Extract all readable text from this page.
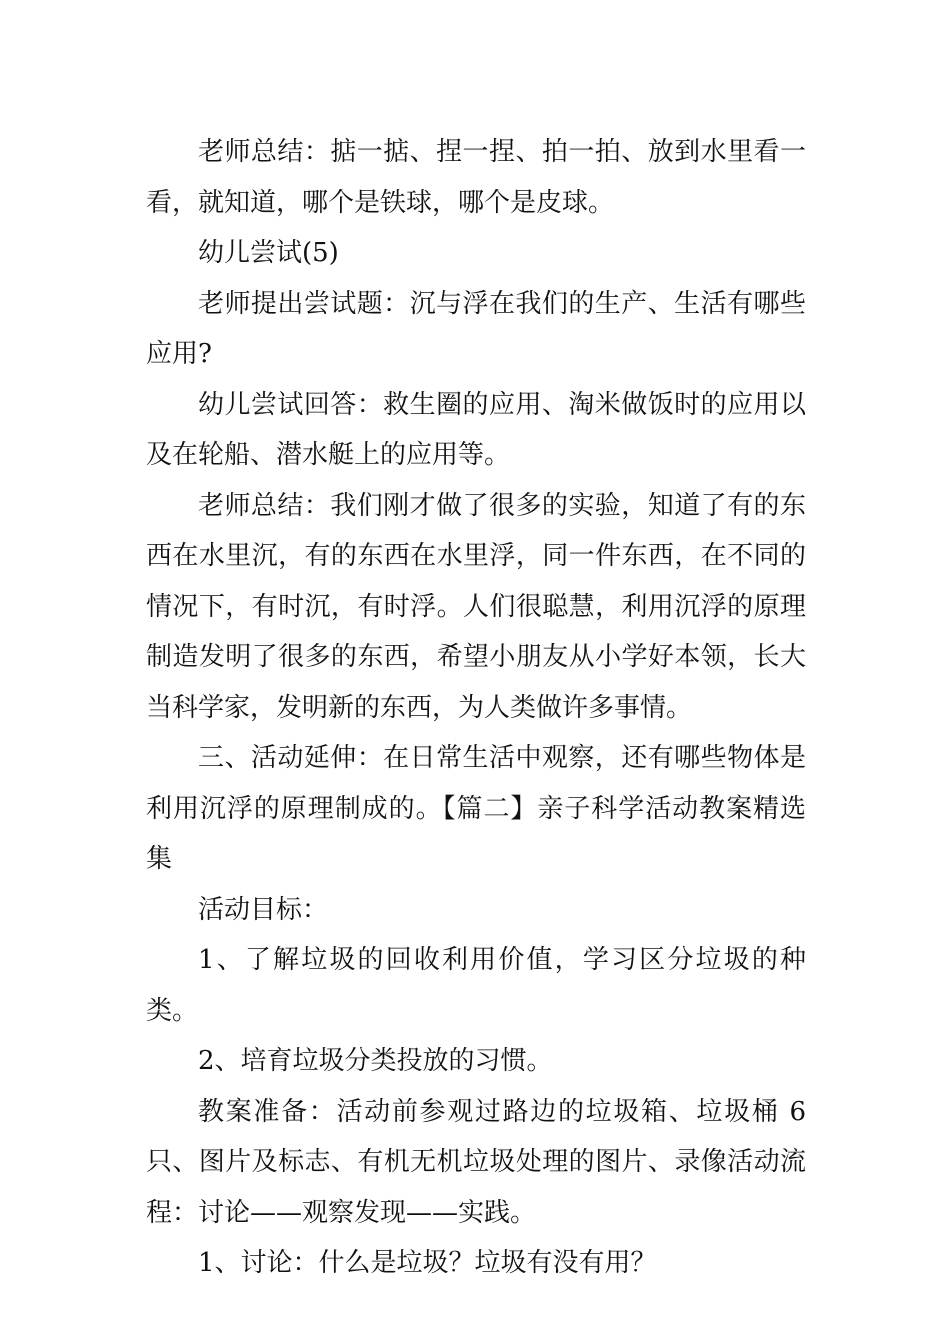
老师总结：掂一掂、捏一捏、拍一拍、放到水里看一看，就知道，哪个是铁球，哪个是皮球。

幼儿尝试(5)

老师提出尝试题：沉与浮在我们的生产、生活有哪些应用?

幼儿尝试回答：救生圈的应用、淘米做饭时的应用以及在轮船、潜水艇上的应用等。

老师总结：我们刚才做了很多的实验，知道了有的东西在水里沉，有的东西在水里浮，同一件东西，在不同的情况下，有时沉，有时浮。人们很聪慧，利用沉浮的原理制造发明了很多的东西，希望小朋友从小学好本领，长大当科学家，发明新的东西，为人类做许多事情。

三、活动延伸：在日常生活中观察，还有哪些物体是利用沉浮的原理制成的。【篇二】亲子科学活动教案精选集

活动目标：

1、了解垃圾的回收利用价值，学习区分垃圾的种类。

2、培育垃圾分类投放的习惯。

教案准备：活动前参观过路边的垃圾箱、垃圾桶 6 只、图片及标志、有机无机垃圾处理的图片、录像活动流程：讨论——观察发现——实践。

1、讨论：什么是垃圾？垃圾有没有用？
